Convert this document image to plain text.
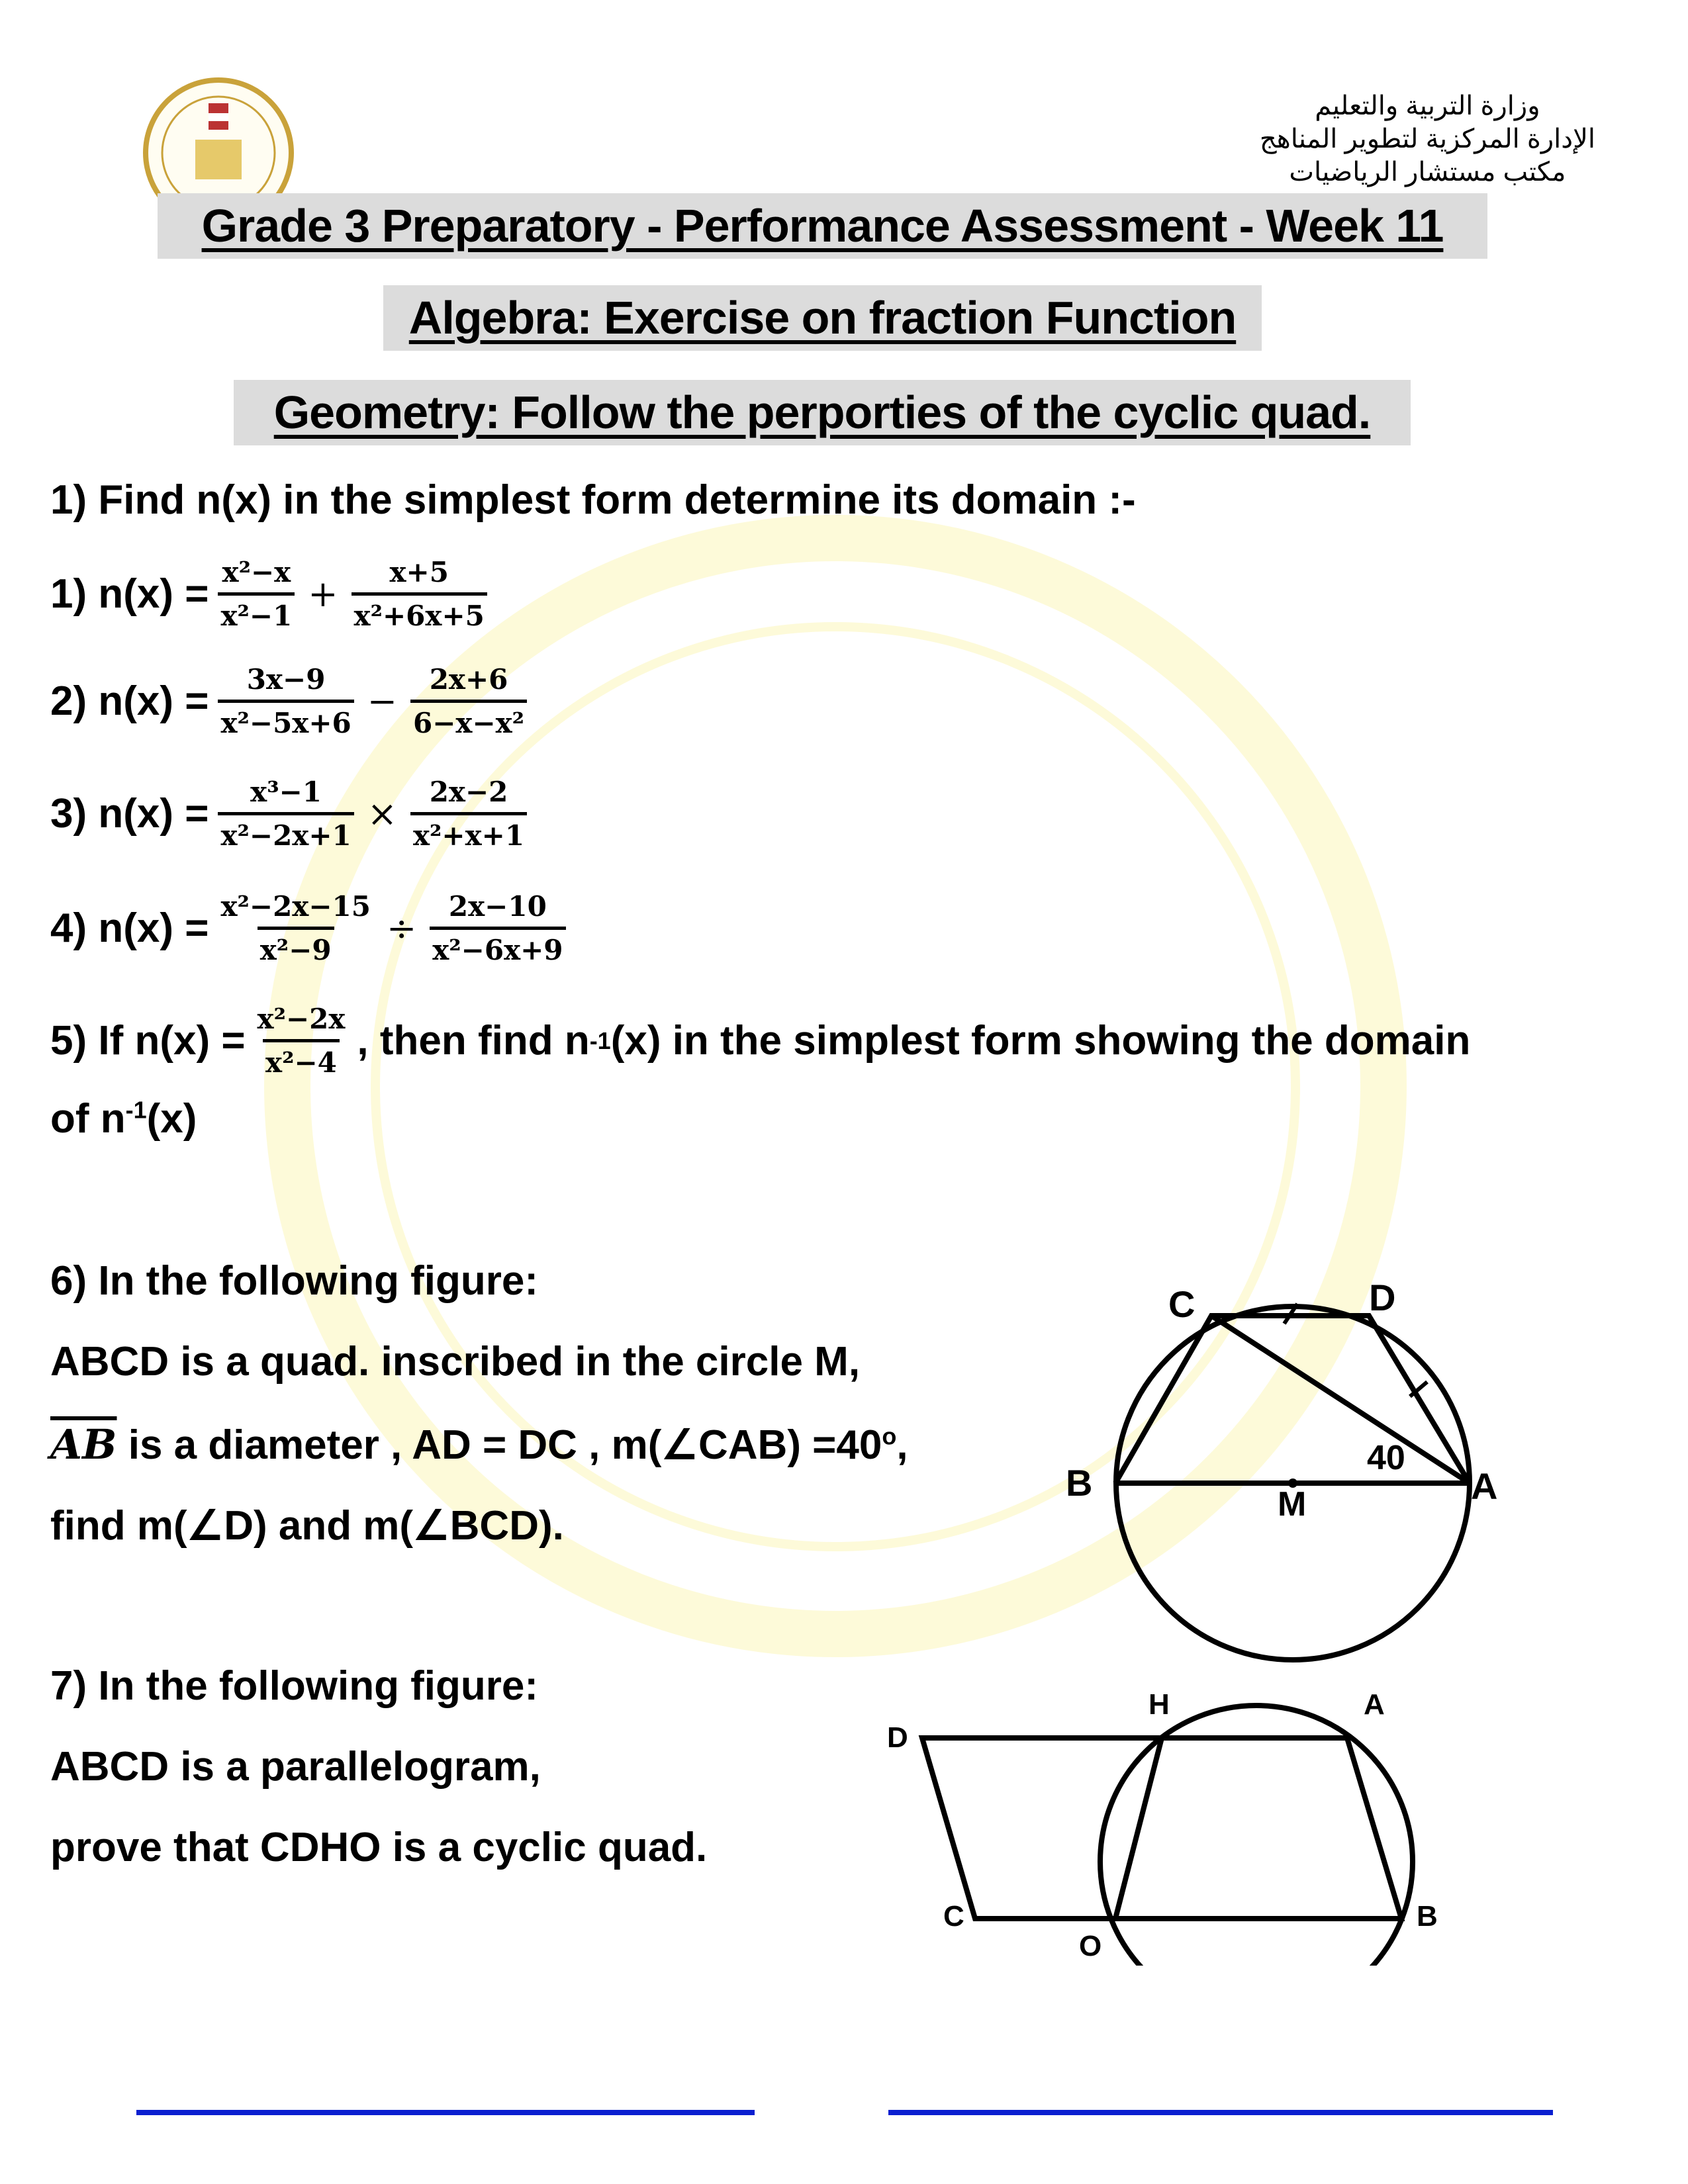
وزارة التربية والتعليم
الإدارة المركزية لتطوير المناهج
مكتب مستشار الرياضيات
Grade 3 Preparatory - Performance Assessment - Week 11
Algebra: Exercise on fraction Function
Geometry: Follow the perporties of the cyclic quad.
1) Find n(x) in the simplest form determine its domain :-
1) $n(x) = \frac{\text{x²−x}}{\text{x²−1}} + \frac{x+5}{\text{x²+6x+5}}$
2) $n(x) = \frac{3x-9}{\text{x²−5x+6}} - \frac{2x+6}{\text{6−x−x²}}$
3) $n(x) = \frac{\text{x³−1}}{\text{x²−2x+1}} \times \frac{2x-2}{\text{x²+x+1}}$
4) $n(x) = \frac{\text{x²−2x−15}}{\text{x²−9}} \div \frac{2x-10}{\text{x²−6x+9}}$
5) If $n(x) = \frac{\text{x²−2x}}{\text{x²−4}}$ , then find n -1 (x) in the simplest form showing the domain
of $n^{-1}(x)$
6) In the following figure:
ABCD is a quad. inscribed in the circle M,
$\overline{AB}$ is a diameter , AD = DC , m(∠CAB) $=40^o$,
find m(∠D) and m(∠BCD).
C	D
B	A
M
40
7) In the following figure:
ABCD is a parallelogram,
prove that CDHO is a cyclic quad.
D
H	A
C
O
B
